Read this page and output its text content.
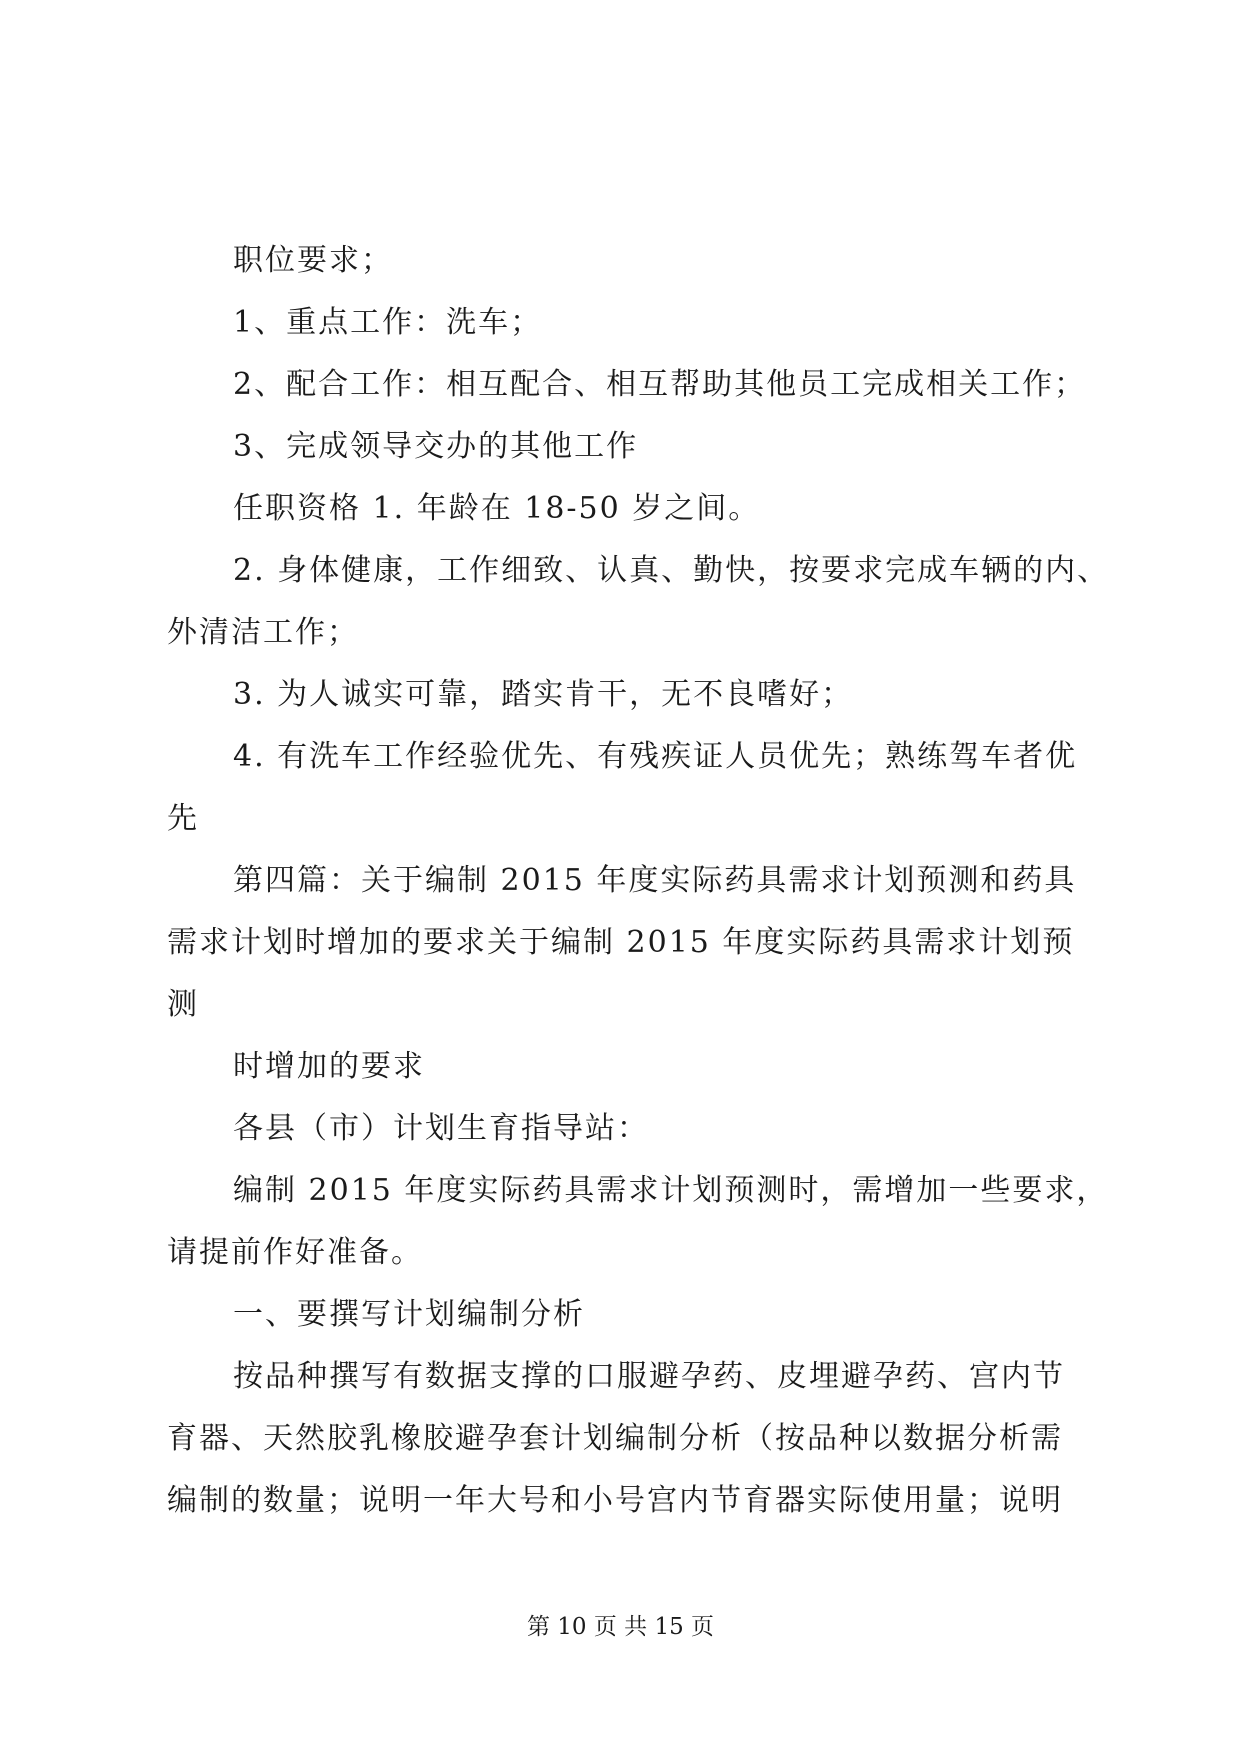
职位要求；

1、重点工作：洗车；

2、配合工作：相互配合、相互帮助其他员工完成相关工作；

3、完成领导交办的其他工作

任职资格 1. 年龄在 18-50 岁之间。

2. 身体健康，工作细致、认真、勤快，按要求完成车辆的内、

外清洁工作；

3. 为人诚实可靠，踏实肯干，无不良嗜好；

4. 有洗车工作经验优先、有残疾证人员优先；熟练驾车者优

先

第四篇：关于编制 2015 年度实际药具需求计划预测和药具

需求计划时增加的要求关于编制 2015 年度实际药具需求计划预

测

时增加的要求

各县（市）计划生育指导站：

编制 2015 年度实际药具需求计划预测时，需增加一些要求，

请提前作好准备。

一、要撰写计划编制分析

按品种撰写有数据支撑的口服避孕药、皮埋避孕药、宫内节

育器、天然胶乳橡胶避孕套计划编制分析（按品种以数据分析需

编制的数量；说明一年大号和小号宫内节育器实际使用量；说明

第 10 页 共 15 页
